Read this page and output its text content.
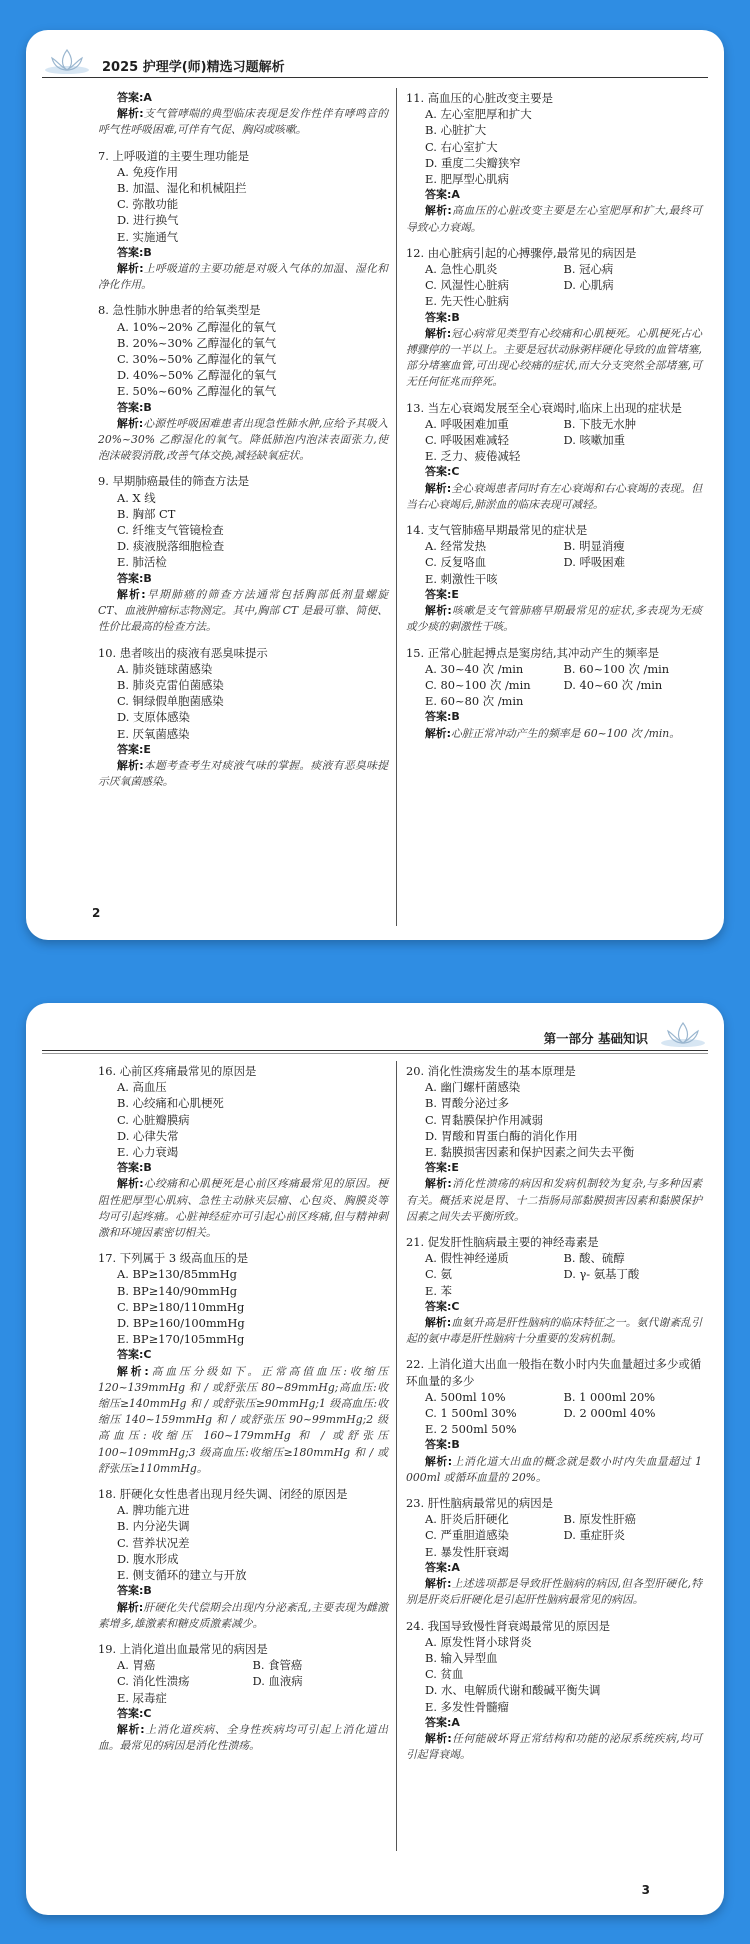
2025 护理学(师)精选习题解析
答案:A
解析:支气管哮喘的典型临床表现是发作性伴有哮鸣音的呼气性呼吸困难,可伴有气促、胸闷或咳嗽。
7. 上呼吸道的主要生理功能是
A. 免疫作用
B. 加温、湿化和机械阻拦
C. 弥散功能
D. 进行换气
E. 实施通气
答案:B
解析:上呼吸道的主要功能是对吸入气体的加温、湿化和净化作用。
8. 急性肺水肿患者的给氧类型是
A. 10%~20% 乙醇湿化的氧气
B. 20%~30% 乙醇湿化的氧气
C. 30%~50% 乙醇湿化的氧气
D. 40%~50% 乙醇湿化的氧气
E. 50%~60% 乙醇湿化的氧气
答案:B
解析:心源性呼吸困难患者出现急性肺水肿,应给予其吸入 20%~30% 乙醇湿化的氧气。降低肺泡内泡沫表面张力,使泡沫破裂消散,改善气体交换,减轻缺氧症状。
9. 早期肺癌最佳的筛查方法是
A. X 线
B. 胸部 CT
C. 纤维支气管镜检查
D. 痰液脱落细胞检查
E. 肺活检
答案:B
解析:早期肺癌的筛查方法通常包括胸部低剂量螺旋 CT、血液肿瘤标志物测定。其中,胸部 CT 是最可靠、简便、性价比最高的检查方法。
10. 患者咳出的痰液有恶臭味提示
A. 肺炎链球菌感染
B. 肺炎克雷伯菌感染
C. 铜绿假单胞菌感染
D. 支原体感染
E. 厌氧菌感染
答案:E
解析:本题考查考生对痰液气味的掌握。痰液有恶臭味提示厌氧菌感染。
11. 高血压的心脏改变主要是
A. 左心室肥厚和扩大
B. 心脏扩大
C. 右心室扩大
D. 重度二尖瓣狭窄
E. 肥厚型心肌病
答案:A
解析:高血压的心脏改变主要是左心室肥厚和扩大,最终可导致心力衰竭。
12. 由心脏病引起的心搏骤停,最常见的病因是
A. 急性心肌炎	B. 冠心病
C. 风湿性心脏病	D. 心肌病
E. 先天性心脏病
答案:B
解析:冠心病常见类型有心绞痛和心肌梗死。心肌梗死占心搏骤停的一半以上。主要是冠状动脉粥样硬化导致的血管堵塞,部分堵塞血管,可出现心绞痛的症状,而大分支突然全部堵塞,可无任何征兆而猝死。
13. 当左心衰竭发展至全心衰竭时,临床上出现的症状是
A. 呼吸困难加重	B. 下肢无水肿
C. 呼吸困难减轻	D. 咳嗽加重
E. 乏力、疲倦减轻
答案:C
解析:全心衰竭患者同时有左心衰竭和右心衰竭的表现。但当右心衰竭后,肺淤血的临床表现可减轻。
14. 支气管肺癌早期最常见的症状是
A. 经常发热	B. 明显消瘦
C. 反复咯血	D. 呼吸困难
E. 刺激性干咳
答案:E
解析:咳嗽是支气管肺癌早期最常见的症状,多表现为无痰或少痰的刺激性干咳。
15. 正常心脏起搏点是窦房结,其冲动产生的频率是
A. 30~40 次 /min	B. 60~100 次 /min
C. 80~100 次 /min	D. 40~60 次 /min
E. 60~80 次 /min
答案:B
解析:心脏正常冲动产生的频率是 60~100 次 /min。
2
第一部分 基础知识
16. 心前区疼痛最常见的原因是
A. 高血压
B. 心绞痛和心肌梗死
C. 心脏瓣膜病
D. 心律失常
E. 心力衰竭
答案:B
解析:心绞痛和心肌梗死是心前区疼痛最常见的原因。梗阻性肥厚型心肌病、急性主动脉夹层瘤、心包炎、胸膜炎等均可引起疼痛。心脏神经症亦可引起心前区疼痛,但与精神刺激和环境因素密切相关。
17. 下列属于 3 级高血压的是
A. BP≥130/85mmHg
B. BP≥140/90mmHg
C. BP≥180/110mmHg
D. BP≥160/100mmHg
E. BP≥170/105mmHg
答案:C
解析:高血压分级如下。正常高值血压:收缩压 120~139mmHg 和 / 或舒张压 80~89mmHg;高血压:收缩压≥140mmHg 和 / 或舒张压≥90mmHg;1 级高血压:收缩压 140~159mmHg 和 / 或舒张压 90~99mmHg;2 级高血压:收缩压 160~179mmHg 和 / 或舒张压 100~109mmHg;3 级高血压:收缩压≥180mmHg 和 / 或舒张压≥110mmHg。
18. 肝硬化女性患者出现月经失调、闭经的原因是
A. 脾功能亢进
B. 内分泌失调
C. 营养状况差
D. 腹水形成
E. 侧支循环的建立与开放
答案:B
解析:肝硬化失代偿期会出现内分泌紊乱,主要表现为雌激素增多,雄激素和糖皮质激素减少。
19. 上消化道出血最常见的病因是
A. 胃癌	B. 食管癌
C. 消化性溃疡	D. 血液病
E. 尿毒症
答案:C
解析:上消化道疾病、全身性疾病均可引起上消化道出血。最常见的病因是消化性溃疡。
20. 消化性溃疡发生的基本原理是
A. 幽门螺杆菌感染
B. 胃酸分泌过多
C. 胃黏膜保护作用减弱
D. 胃酸和胃蛋白酶的消化作用
E. 黏膜损害因素和保护因素之间失去平衡
答案:E
解析:消化性溃疡的病因和发病机制较为复杂,与多种因素有关。概括来说是胃、十二指肠局部黏膜损害因素和黏膜保护因素之间失去平衡所致。
21. 促发肝性脑病最主要的神经毒素是
A. 假性神经递质	B. 酸、硫醇
C. 氨	D. γ- 氨基丁酸
E. 苯
答案:C
解析:血氨升高是肝性脑病的临床特征之一。氨代谢紊乱引起的氨中毒是肝性脑病十分重要的发病机制。
22. 上消化道大出血一般指在数小时内失血量超过多少或循环血量的多少
A. 500ml 10%	B. 1 000ml 20%
C. 1 500ml 30%	D. 2 000ml 40%
E. 2 500ml 50%
答案:B
解析:上消化道大出血的概念就是数小时内失血量超过 1 000ml 或循环血量的 20%。
23. 肝性脑病最常见的病因是
A. 肝炎后肝硬化	B. 原发性肝癌
C. 严重胆道感染	D. 重症肝炎
E. 暴发性肝衰竭
答案:A
解析:上述选项都是导致肝性脑病的病因,但各型肝硬化,特别是肝炎后肝硬化是引起肝性脑病最常见的病因。
24. 我国导致慢性肾衰竭最常见的原因是
A. 原发性肾小球肾炎
B. 输入异型血
C. 贫血
D. 水、电解质代谢和酸碱平衡失调
E. 多发性骨髓瘤
答案:A
解析:任何能破坏肾正常结构和功能的泌尿系统疾病,均可引起肾衰竭。
3
